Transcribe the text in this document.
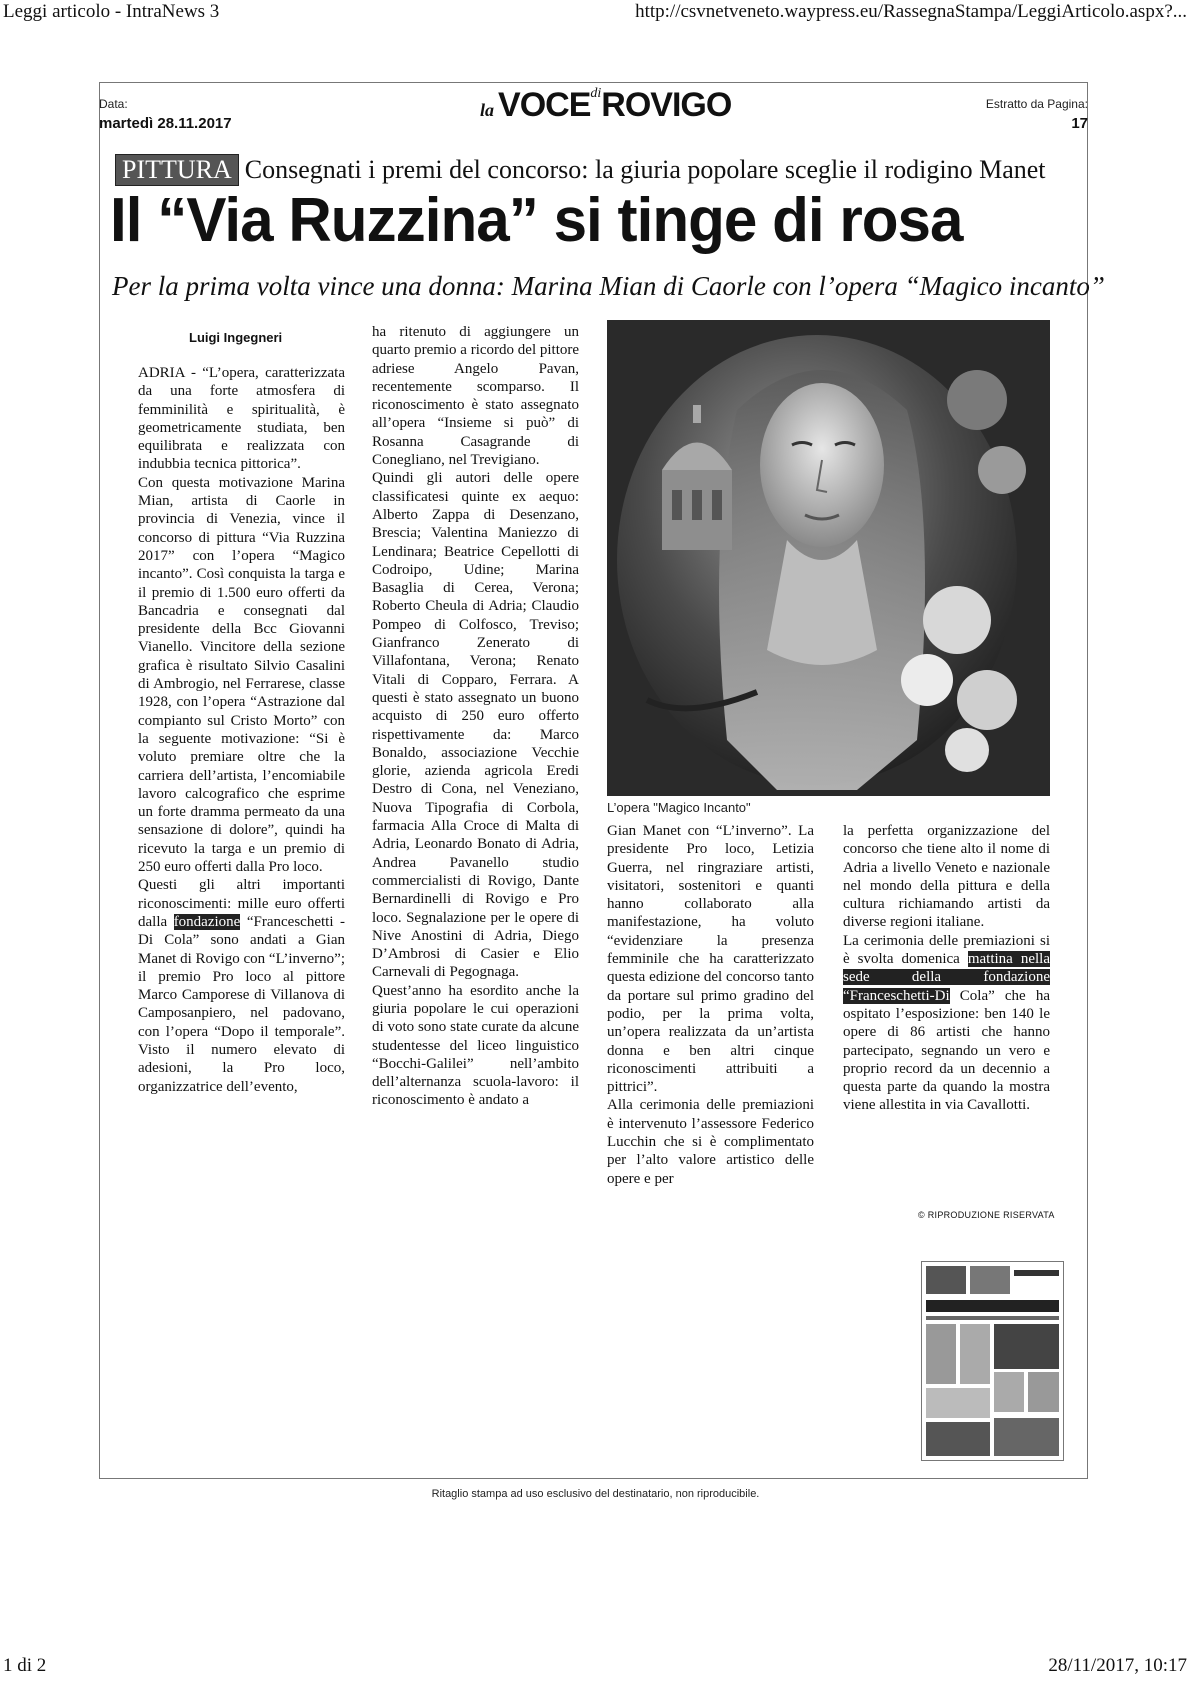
Leggi articolo - IntraNews 3	http://csvnetveneto.waypress.eu/RassegnaStampa/LeggiArticolo.aspx?...
1 di 2	28/11/2017, 10:17
Data:
martedì 28.11.2017
la VOCEdiROVIGO	Estratto da Pagina:
17
PITTURA Consegnati i premi del concorso: la giuria popolare sceglie il rodigino Manet
Il “Via Ruzzina” si tinge di rosa
Per la prima volta vince una donna: Marina Mian di Caorle con l’opera “Magico incanto”
Luigi Ingegneri

ADRIA - “L’opera, caratterizzata da una forte atmosfera di femminilità e spiritualità, è geometricamente studiata, ben equilibrata e realizzata con indubbia tecnica pittorica”.

Con questa motivazione Marina Mian, artista di Caorle in provincia di Venezia, vince il concorso di pittura “Via Ruzzina 2017” con l’opera “Magico incanto”. Così conquista la targa e il premio di 1.500 euro offerti da Bancadria e consegnati dal presidente della Bcc Giovanni Vianello. Vincitore della sezione grafica è risultato Silvio Casalini di Ambrogio, nel Ferrarese, classe 1928, con l’opera “Astrazione dal compianto sul Cristo Morto” con la seguente motivazione: “Si è voluto premiare oltre che la carriera dell’artista, l’encomiabile lavoro calcografico che esprime un forte dramma permeato da una sensazione di dolore”, quindi ha ricevuto la targa e un premio di 250 euro offerti dalla Pro loco.

Questi gli altri importanti riconoscimenti: mille euro offerti dalla fondazione “Franceschetti - Di Cola” sono andati a Gian Manet di Rovigo con “L’inverno”; il premio Pro loco al pittore Marco Camporese di Villanova di Camposanpiero, nel padovano, con l’opera “Dopo il temporale”. Visto il numero elevato di adesioni, la Pro loco, organizzatrice dell’evento,

ha ritenuto di aggiungere un quarto premio a ricordo del pittore adriese Angelo Pavan, recentemente scomparso. Il riconoscimento è stato assegnato all’opera “Insieme si può” di Rosanna Casagrande di Conegliano, nel Trevigiano.

Quindi gli autori delle opere classificatesi quinte ex aequo: Alberto Zappa di Desenzano, Brescia; Valentina Maniezzo di Lendinara; Beatrice Cepellotti di Codroipo, Udine; Marina Basaglia di Cerea, Verona; Roberto Cheula di Adria; Claudio Pompeo di Colfosco, Treviso; Gianfranco Zenerato di Villafontana, Verona; Renato Vitali di Copparo, Ferrara. A questi è stato assegnato un buono acquisto di 250 euro offerto rispettivamente da: Marco Bonaldo, associazione Vecchie glorie, azienda agricola Eredi Destro di Cona, nel Veneziano, Nuova Tipografia di Corbola, farmacia Alla Croce di Malta di Adria, Leonardo Bonato di Adria, Andrea Pavanello studio commercialisti di Rovigo, Dante Bernardinelli di Rovigo e Pro loco. Segnalazione per le opere di Nive Anostini di Adria, Diego D’Ambrosi di Casier e Elio Carnevali di Pegognaga.

Quest’anno ha esordito anche la giuria popolare le cui operazioni di voto sono state curate da alcune studentesse del liceo linguistico “Bocchi-Galilei” nell’ambito dell’alternanza scuola-lavoro: il riconoscimento è andato a

L’opera "Magico Incanto"

Gian Manet con “L’inverno”. La presidente Pro loco, Letizia Guerra, nel ringraziare artisti, visitatori, sostenitori e quanti hanno collaborato alla manifestazione, ha voluto “evidenziare la presenza femminile che ha caratterizzato questa edizione del concorso tanto da portare sul primo gradino del podio, per la prima volta, un’opera realizzata da un’artista donna e ben altri cinque riconoscimenti attribuiti a pittrici”.

Alla cerimonia delle premiazioni è intervenuto l’assessore Federico Lucchin che si è complimentato per l’alto valore artistico delle opere e per

la perfetta organizzazione del concorso che tiene alto il nome di Adria a livello Veneto e nazionale nel mondo della pittura e della cultura richiamando artisti da diverse regioni italiane.

La cerimonia delle premiazioni si è svolta domenica mattina nella sede della fondazione “Franceschetti-Di Cola” che ha ospitato l’esposizione: ben 140 le opere di 86 artisti che hanno partecipato, segnando un vero e proprio record da un decennio a questa parte da quando la mostra viene allestita in via Cavallotti.

© RIPRODUZIONE RISERVATA
Ritaglio stampa ad uso esclusivo del destinatario, non riproducibile.
